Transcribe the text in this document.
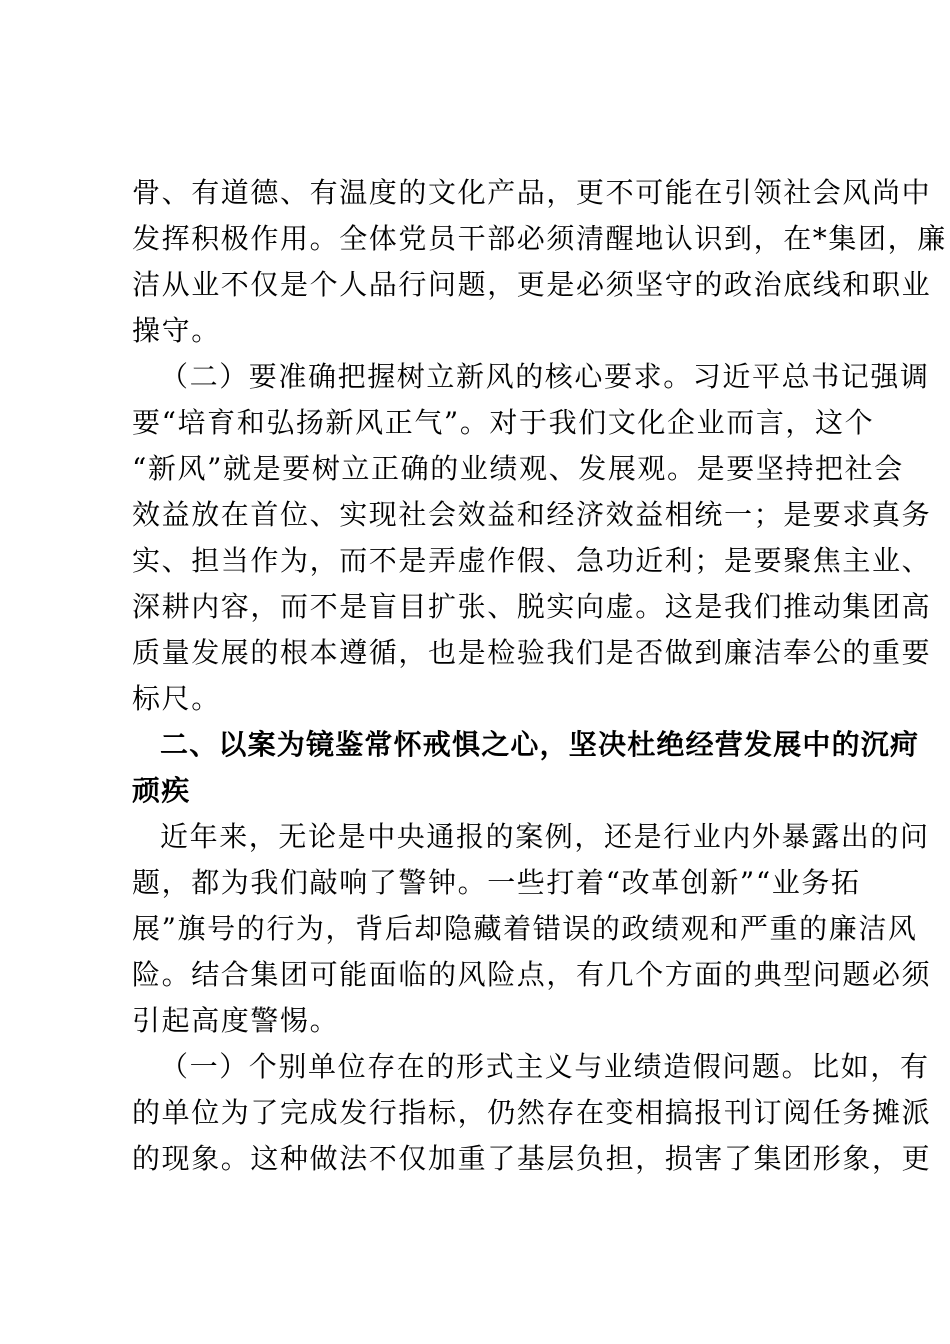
骨、有道德、有温度的文化产品，更不可能在引领社会风尚中
发挥积极作用。全体党员干部必须清醒地认识到，在*集团，廉
洁从业不仅是个人品行问题，更是必须坚守的政治底线和职业
操守。
（二）要准确把握树立新风的核心要求。习近平总书记强调
要“培育和弘扬新风正气”。对于我们文化企业而言，这个
“新风”就是要树立正确的业绩观、发展观。是要坚持把社会
效益放在首位、实现社会效益和经济效益相统一；是要求真务
实、担当作为，而不是弄虚作假、急功近利；是要聚焦主业、
深耕内容，而不是盲目扩张、脱实向虚。这是我们推动集团高
质量发展的根本遵循，也是检验我们是否做到廉洁奉公的重要
标尺。
二、以案为镜鉴常怀戒惧之心，坚决杜绝经营发展中的沉疴
顽疾
近年来，无论是中央通报的案例，还是行业内外暴露出的问
题，都为我们敲响了警钟。一些打着“改革创新”“业务拓
展”旗号的行为，背后却隐藏着错误的政绩观和严重的廉洁风
险。结合集团可能面临的风险点，有几个方面的典型问题必须
引起高度警惕。
（一）个别单位存在的形式主义与业绩造假问题。比如，有
的单位为了完成发行指标，仍然存在变相搞报刊订阅任务摊派
的现象。这种做法不仅加重了基层负担，损害了集团形象，更
